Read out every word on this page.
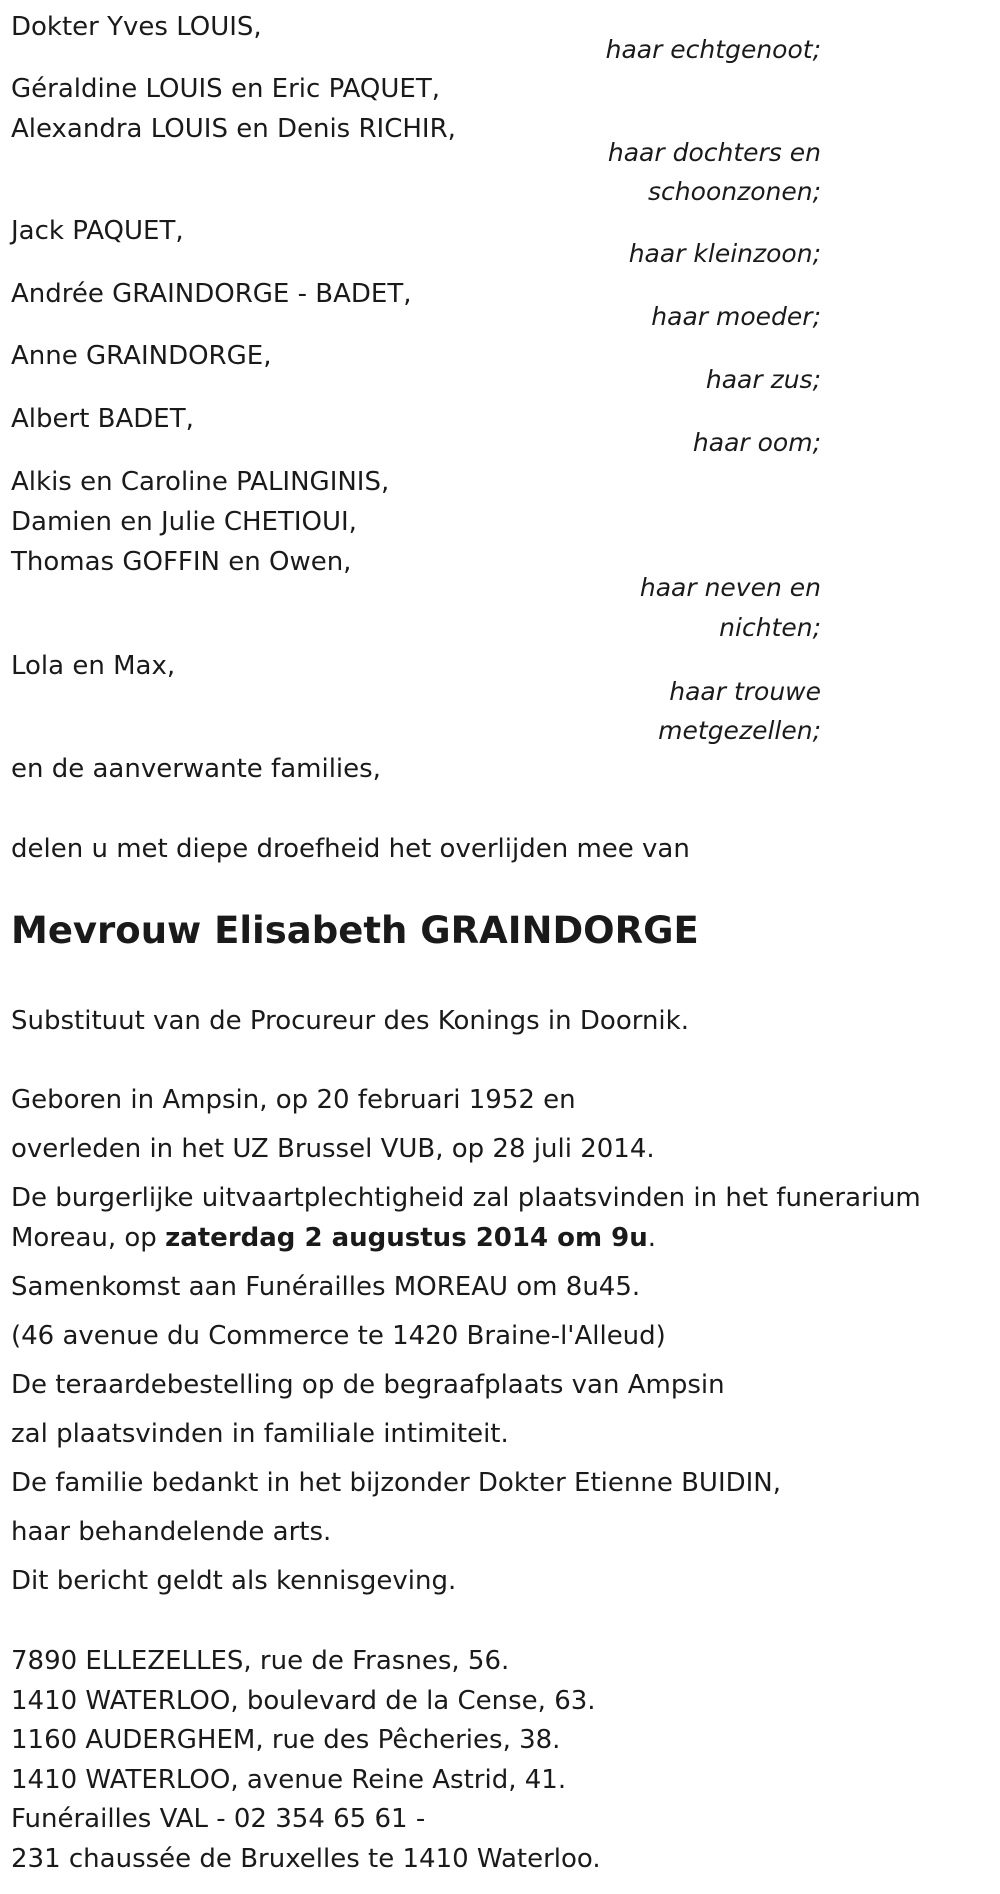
Dokter Yves LOUIS,
haar echtgenoot;
Géraldine LOUIS en Eric PAQUET,
Alexandra LOUIS en Denis RICHIR,
haar dochters en
schoonzonen;
Jack PAQUET,
haar kleinzoon;
Andrée GRAINDORGE - BADET,
haar moeder;
Anne GRAINDORGE,
haar zus;
Albert BADET,
haar oom;
Alkis en Caroline PALINGINIS,
Damien en Julie CHETIOUI,
Thomas GOFFIN en Owen,
haar neven en
nichten;
Lola en Max,
haar trouwe
metgezellen;
en de aanverwante families,
delen u met diepe droefheid het overlijden mee van
Mevrouw Elisabeth GRAINDORGE
Substituut van de Procureur des Konings in Doornik.
Geboren in Ampsin, op 20 februari 1952 en
overleden in het UZ Brussel VUB, op 28 juli 2014.
De burgerlijke uitvaartplechtigheid zal plaatsvinden in het funerarium
Moreau, op zaterdag 2 augustus 2014 om 9u.
Samenkomst aan Funérailles MOREAU om 8u45.
(46 avenue du Commerce te 1420 Braine-l'Alleud)
De teraardebestelling op de begraafplaats van Ampsin
zal plaatsvinden in familiale intimiteit.
De familie bedankt in het bijzonder Dokter Etienne BUIDIN,
haar behandelende arts.
Dit bericht geldt als kennisgeving.
7890 ELLEZELLES, rue de Frasnes, 56.
1410 WATERLOO, boulevard de la Cense, 63.
1160 AUDERGHEM, rue des Pêcheries, 38.
1410 WATERLOO, avenue Reine Astrid, 41.
Funérailles VAL - 02 354 65 61 -
231 chaussée de Bruxelles te 1410 Waterloo.
